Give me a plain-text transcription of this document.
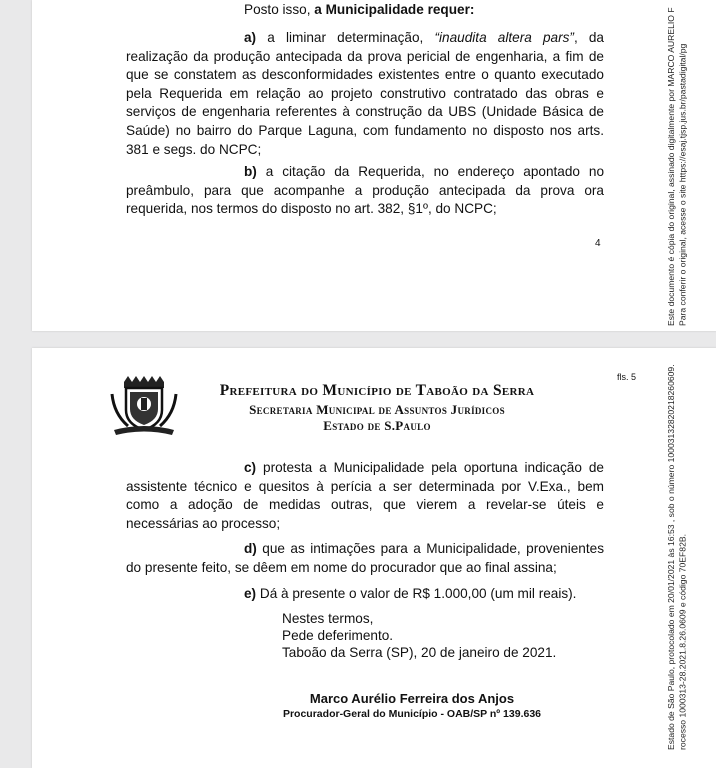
Posto isso, a Municipalidade requer:
a) a liminar determinação, “inaudita altera pars”, da realização da produção antecipada da prova pericial de engenharia, a fim de que se constatem as desconformidades existentes entre o quanto executado pela Requerida em relação ao projeto construtivo contratado das obras e serviços de engenharia referentes à construção da UBS (Unidade Básica de Saúde) no bairro do Parque Laguna, com fundamento no disposto nos arts. 381 e segs. do NCPC;
b) a citação da Requerida, no endereço apontado no preâmbulo, para que acompanhe a produção antecipada da prova ora requerida, nos termos do disposto no art. 382, §1º, do NCPC;
4	Este documento é cópia do original, assinado digitalmente por MARCO AURELIO F Para conferir o original, acesse o site https://esaj.tjsp.jus.br/pastadigital/pg
fls. 5
Prefeitura do Município de Taboão da Serra
Secretaria Municipal de Assuntos Jurídicos
Estado de S.Paulo
c) protesta a Municipalidade pela oportuna indicação de assistente técnico e quesitos à perícia a ser determinada por V.Exa., bem como a adoção de medidas outras, que vierem a revelar-se úteis e necessárias ao processo;
d) que as intimações para a Municipalidade, provenientes do presente feito, se dêem em nome do procurador que ao final assina;
e) Dá à presente o valor de R$ 1.000,00 (um mil reais).
Nestes termos,
Pede deferimento.
Taboão da Serra (SP), 20 de janeiro de 2021.
Marco Aurélio Ferreira dos Anjos
Procurador-Geral do Município - OAB/SP nº 139.636	Estado de São Paulo, protocolado em 20/01/2021 às 16:53 , sob o número 10003132820218260609. rocesso 1000313-28.2021.8.26.0609 e código 70EF82B.
